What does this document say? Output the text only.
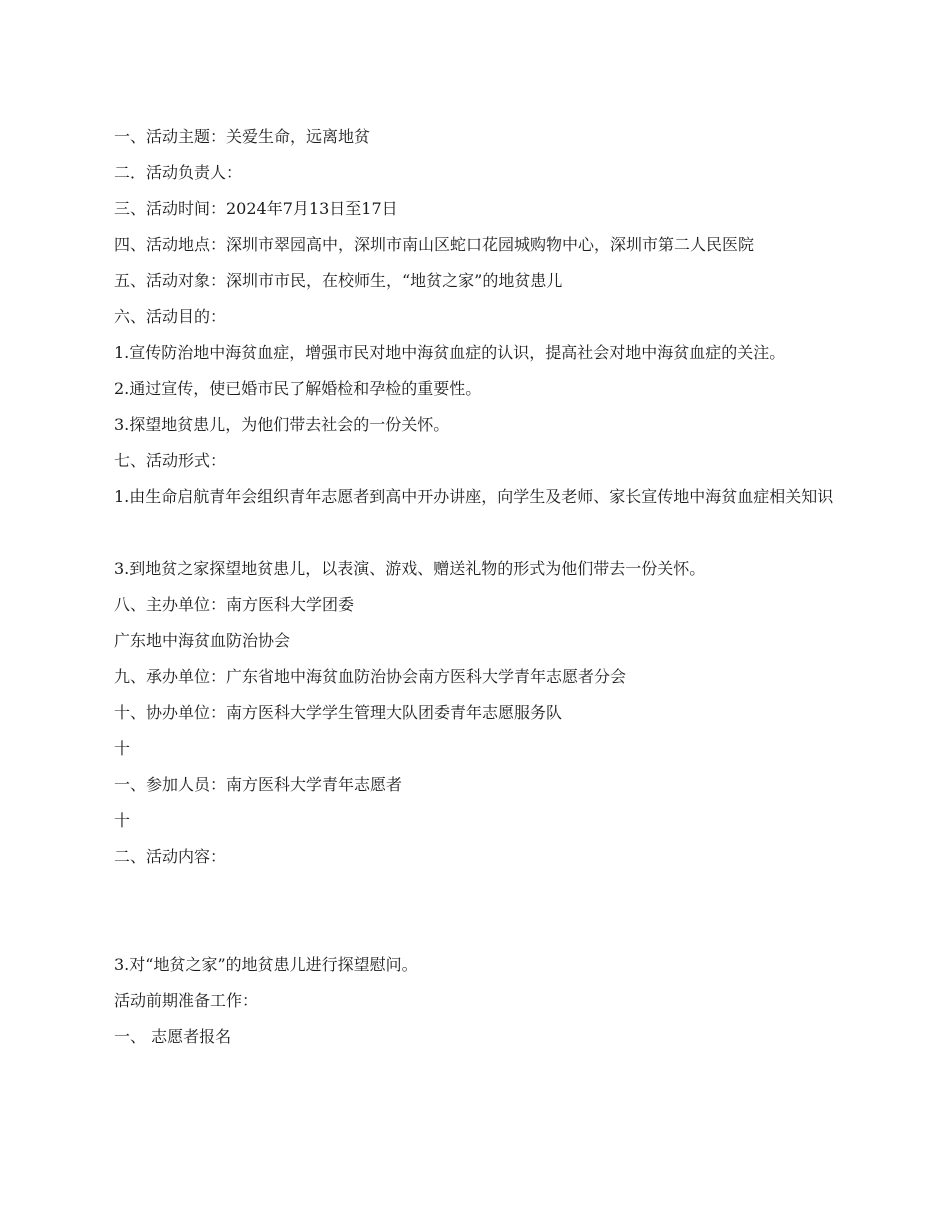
一、活动主题：关爱生命，远离地贫

二．活动负责人：

三、活动时间：2024年7月13日至17日

四、活动地点：深圳市翠园高中，深圳市南山区蛇口花园城购物中心，深圳市第二人民医院

五、活动对象：深圳市市民，在校师生，“地贫之家”的地贫患儿

六、活动目的：

1.宣传防治地中海贫血症，增强市民对地中海贫血症的认识，提高社会对地中海贫血症的关注。

2.通过宣传，使已婚市民了解婚检和孕检的重要性。

3.探望地贫患儿，为他们带去社会的一份关怀。

七、活动形式：

1.由生命启航青年会组织青年志愿者到高中开办讲座，向学生及老师、家长宣传地中海贫血症相关知识

3.到地贫之家探望地贫患儿，以表演、游戏、赠送礼物的形式为他们带去一份关怀。

八、主办单位：南方医科大学团委

广东地中海贫血防治协会

九、承办单位：广东省地中海贫血防治协会南方医科大学青年志愿者分会

十、协办单位：南方医科大学学生管理大队团委青年志愿服务队

十

一、参加人员：南方医科大学青年志愿者

十

二、活动内容：

3.对“地贫之家”的地贫患儿进行探望慰问。

活动前期准备工作：

一、 志愿者报名
